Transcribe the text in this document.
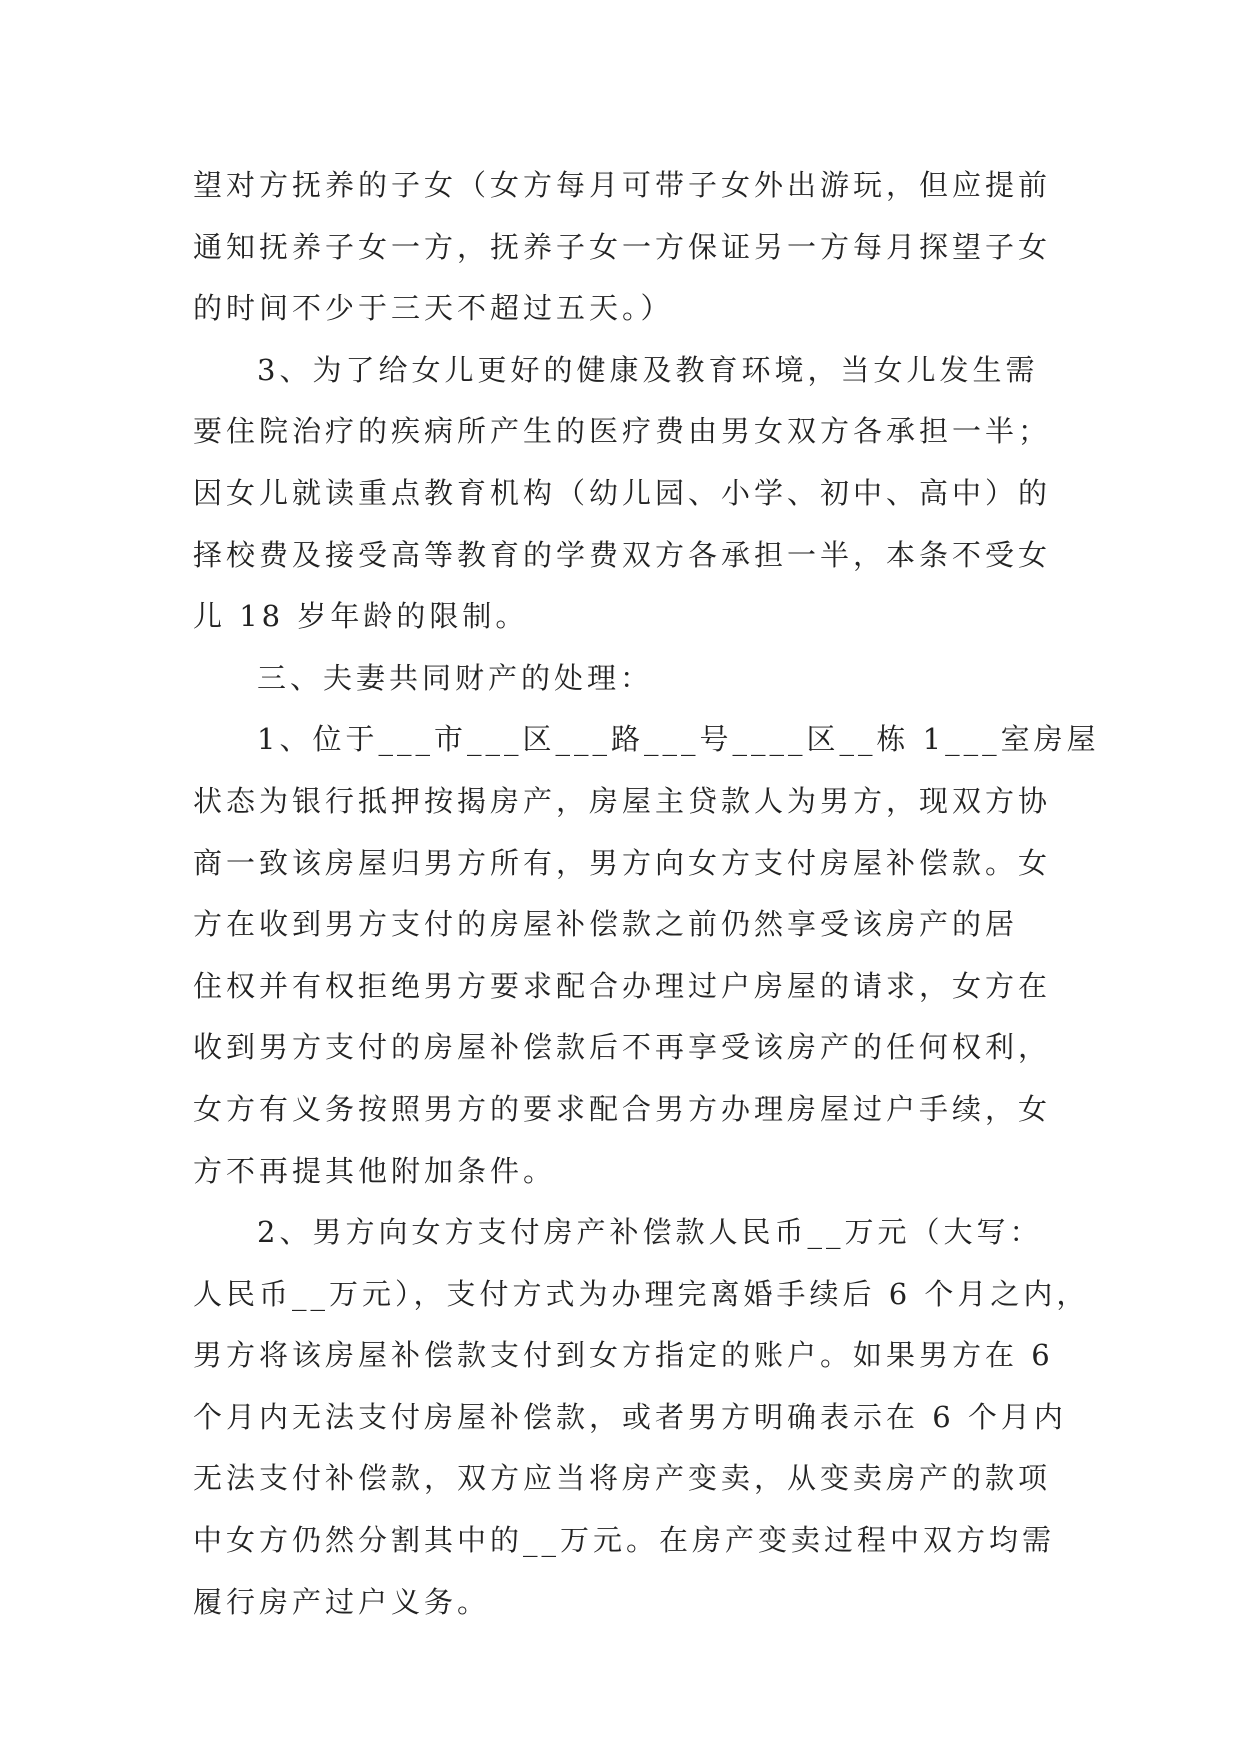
望对方抚养的子女（女方每月可带子女外出游玩，但应提前
通知抚养子女一方，抚养子女一方保证另一方每月探望子女
的时间不少于三天不超过五天。）
3、为了给女儿更好的健康及教育环境，当女儿发生需
要住院治疗的疾病所产生的医疗费由男女双方各承担一半；
因女儿就读重点教育机构（幼儿园、小学、初中、高中）的
择校费及接受高等教育的学费双方各承担一半，本条不受女
儿 18 岁年龄的限制。
三、夫妻共同财产的处理：
1、位于___市___区___路___号____区__栋 1___室房屋
状态为银行抵押按揭房产，房屋主贷款人为男方，现双方协
商一致该房屋归男方所有，男方向女方支付房屋补偿款。女
方在收到男方支付的房屋补偿款之前仍然享受该房产的居
住权并有权拒绝男方要求配合办理过户房屋的请求，女方在
收到男方支付的房屋补偿款后不再享受该房产的任何权利，
女方有义务按照男方的要求配合男方办理房屋过户手续，女
方不再提其他附加条件。
2、男方向女方支付房产补偿款人民币__万元（大写：
人民币__万元），支付方式为办理完离婚手续后 6 个月之内，
男方将该房屋补偿款支付到女方指定的账户。如果男方在 6
个月内无法支付房屋补偿款，或者男方明确表示在 6 个月内
无法支付补偿款，双方应当将房产变卖，从变卖房产的款项
中女方仍然分割其中的__万元。在房产变卖过程中双方均需
履行房产过户义务。
